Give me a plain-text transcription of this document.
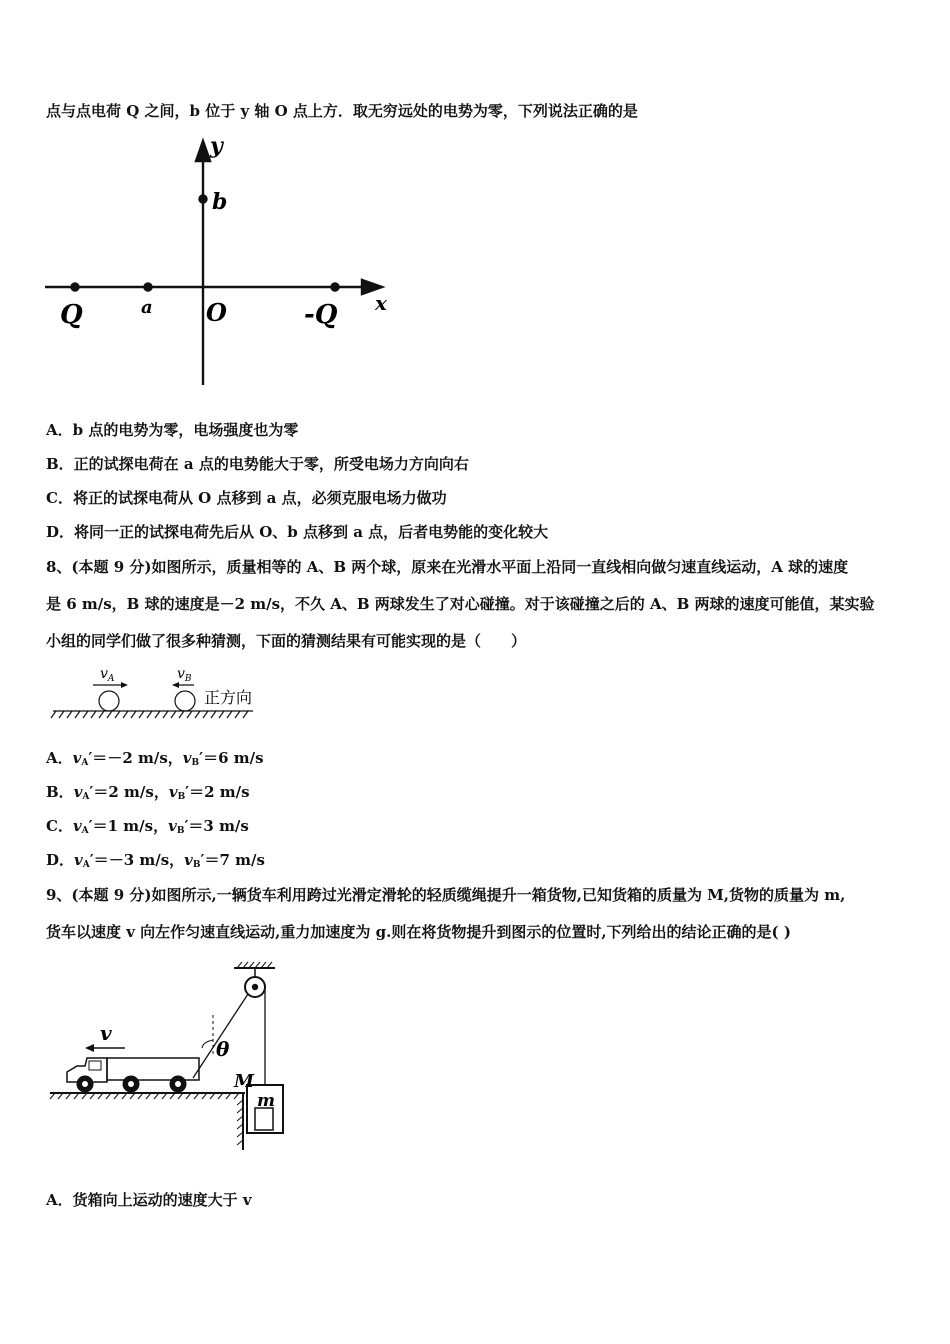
点与点电荷 Q 之间，b 位于 y 轴 O 点上方．取无穷远处的电势为零，下列说法正确的是
y
b
Q	a O	-Q x
A．b 点的电势为零，电场强度也为零
B．正的试探电荷在 a 点的电势能大于零，所受电场力方向向右
C．将正的试探电荷从 O 点移到 a 点，必须克服电场力做功
D．将同一正的试探电荷先后从 O、b 点移到 a 点，后者电势能的变化较大
8、(本题 9 分)如图所示，质量相等的 A、B 两个球，原来在光滑水平面上沿同一直线相向做匀速直线运动，A 球的速度
是 6 m/s，B 球的速度是－2 m/s，不久 A、B 两球发生了对心碰撞。对于该碰撞之后的 A、B 两球的速度可能值，某实验
小组的同学们做了很多种猜测，下面的猜测结果有可能实现的是（　　）
$v_A$	$v_B$
正方向
A．$v_A'=-2$ m/s，$v_B'=6$ m/s
B．$v_A'=2$ m/s，$v_B'=2$ m/s
C．$v_A'=1$ m/s，$v_B'=3$ m/s
D．$v_A'=-3$ m/s，$v_B'=7$ m/s
9、(本题 9 分)如图所示,一辆货车利用跨过光滑定滑轮的轻质缆绳提升一箱货物,已知货箱的质量为 M,货物的质量为 m,
货车以速度 v 向左作匀速直线运动,重力加速度为 g.则在将货物提升到图示的位置时,下列给出的结论正确的是( )
v
θ
M
m
A．货箱向上运动的速度大于 v
